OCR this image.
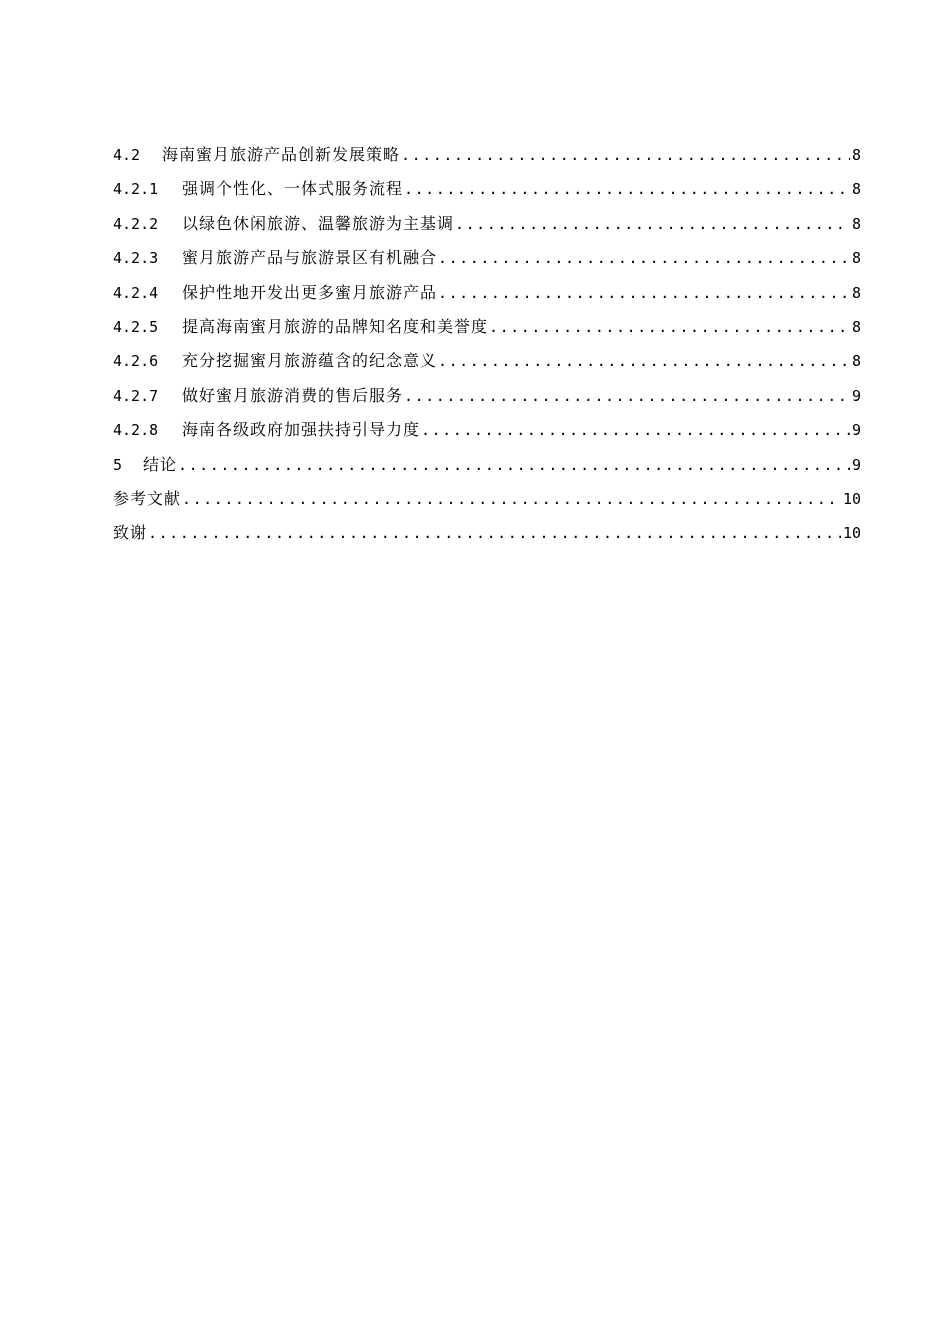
4.2	海南蜜月旅游产品创新发展策略 .....	8
4.2.1	强调个性化、一体式服务流程 .....	8
4.2.2	以绿色休闲旅游、温馨旅游为主基调 .....	8
4.2.3	蜜月旅游产品与旅游景区有机融合 .....	8
4.2.4	保护性地开发出更多蜜月旅游产品 .....	8
4.2.5	提高海南蜜月旅游的品牌知名度和美誉度 .....	8
4.2.6	充分挖掘蜜月旅游蕴含的纪念意义 .....	8
4.2.7	做好蜜月旅游消费的售后服务 .....	9
4.2.8	海南各级政府加强扶持引导力度 .....	9
5	结论 .....	9
参考文献 .....	10
致谢 .....	10
